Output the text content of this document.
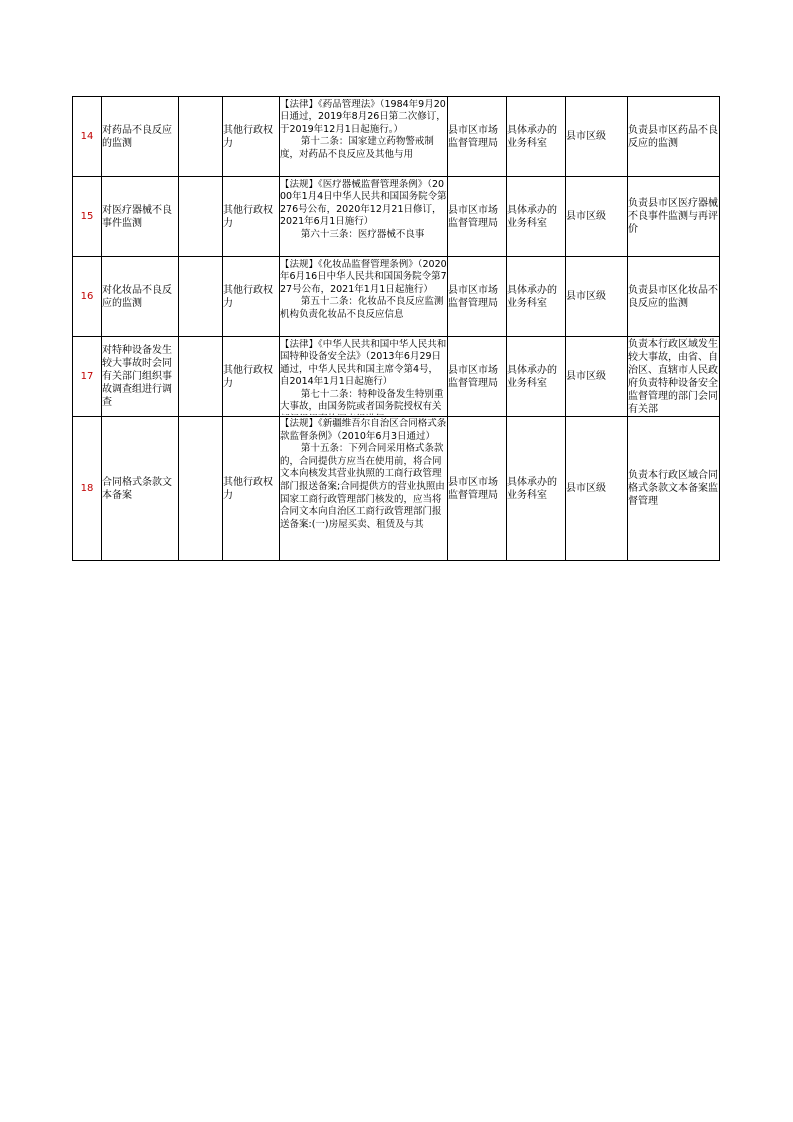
14	对药品不良反应的监测		其他行政权力	【法律】《药品管理法》（1984年9月20日通过，2019年8月26日第二次修订，于2019年12月1日起施行。）

第十二条：国家建立药物警戒制度，对药品不良反应及其他与用	县市区市场监督管理局	具体承办的业务科室	县市区级	负责县市区药品不良反应的监测
15	对医疗器械不良事件监测		其他行政权力	【法规】《医疗器械监督管理条例》（2000年1月4日中华人民共和国国务院令第276号公布，2020年12月21日修订，2021年6月1日施行）

第六十三条：医疗器械不良事	县市区市场监督管理局	具体承办的业务科室	县市区级	负责县市区医疗器械不良事件监测与再评价
16	对化妆品不良反应的监测		其他行政权力	【法规】《化妆品监督管理条例》（2020年6月16日中华人民共和国国务院令第727号公布，2021年1月1日起施行）

第五十二条：化妆品不良反应监测机构负责化妆品不良反应信息	县市区市场监督管理局	具体承办的业务科室	县市区级	负责县市区化妆品不良反应的监测
17	对特种设备发生较大事故时会同有关部门组织事故调查组进行调查		其他行政权力	【法律】《中华人民共和国中华人民共和国特种设备安全法》（2013年6月29日通过，中华人民共和国主席令第4号，自2014年1月1日起施行）

第七十二条：特种设备发生特别重大事故，由国务院或者国务院授权有关	县市区市场监督管理局	具体承办的业务科室	县市区级	负责本行政区域发生较大事故，由省、自治区、直辖市人民政府负责特种设备安全监督管理的部门会同有关部
18	合同格式条款文本备案		其他行政权力	【法规】《新疆维吾尔自治区合同格式条款监督条例》（2010年6月3日通过）

第十五条：下列合同采用格式条款的，合同提供方应当在使用前，将合同文本向核发其营业执照的工商行政管理部门报送备案;合同提供方的营业执照由国家工商行政管理部门核发的，应当将合同文本向自治区工商行政管理部门报送备案:(一)房屋买卖、租赁及与其	县市区市场监督管理局	具体承办的业务科室	县市区级	负责本行政区域合同格式条款文本备案监督管理
